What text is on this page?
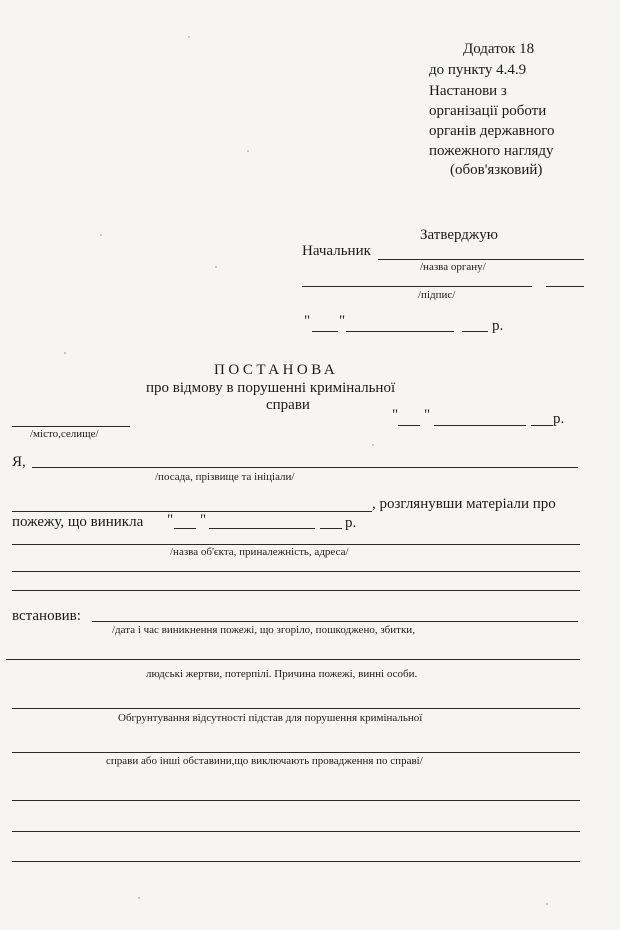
Додаток 18
до пункту 4.4.9
Настанови з
організації роботи
органів державного
пожежного нагляду
(обов'язковий)
Затверджую
Начальник
/назва органу/
/підпис/
" "	р.
ПОСТАНОВА
про відмову в порушенні кримінальної
справи
/місто,селище/
" "	р.
Я,
/посада, прізвище та ініціали/
, розглянувши матеріали про
пожежу, що виникла " "	р.
/назва об'єкта, приналежність, адреса/
встановив:
/дата і час виникнення пожежі, що згоріло, пошкоджено, збитки,
людські жертви, потерпілі. Причина пожежі, винні особи.
Обгрунтування відсутності підстав для порушення кримінальної
справи або інші обставини,що виключають провадження по справі/
